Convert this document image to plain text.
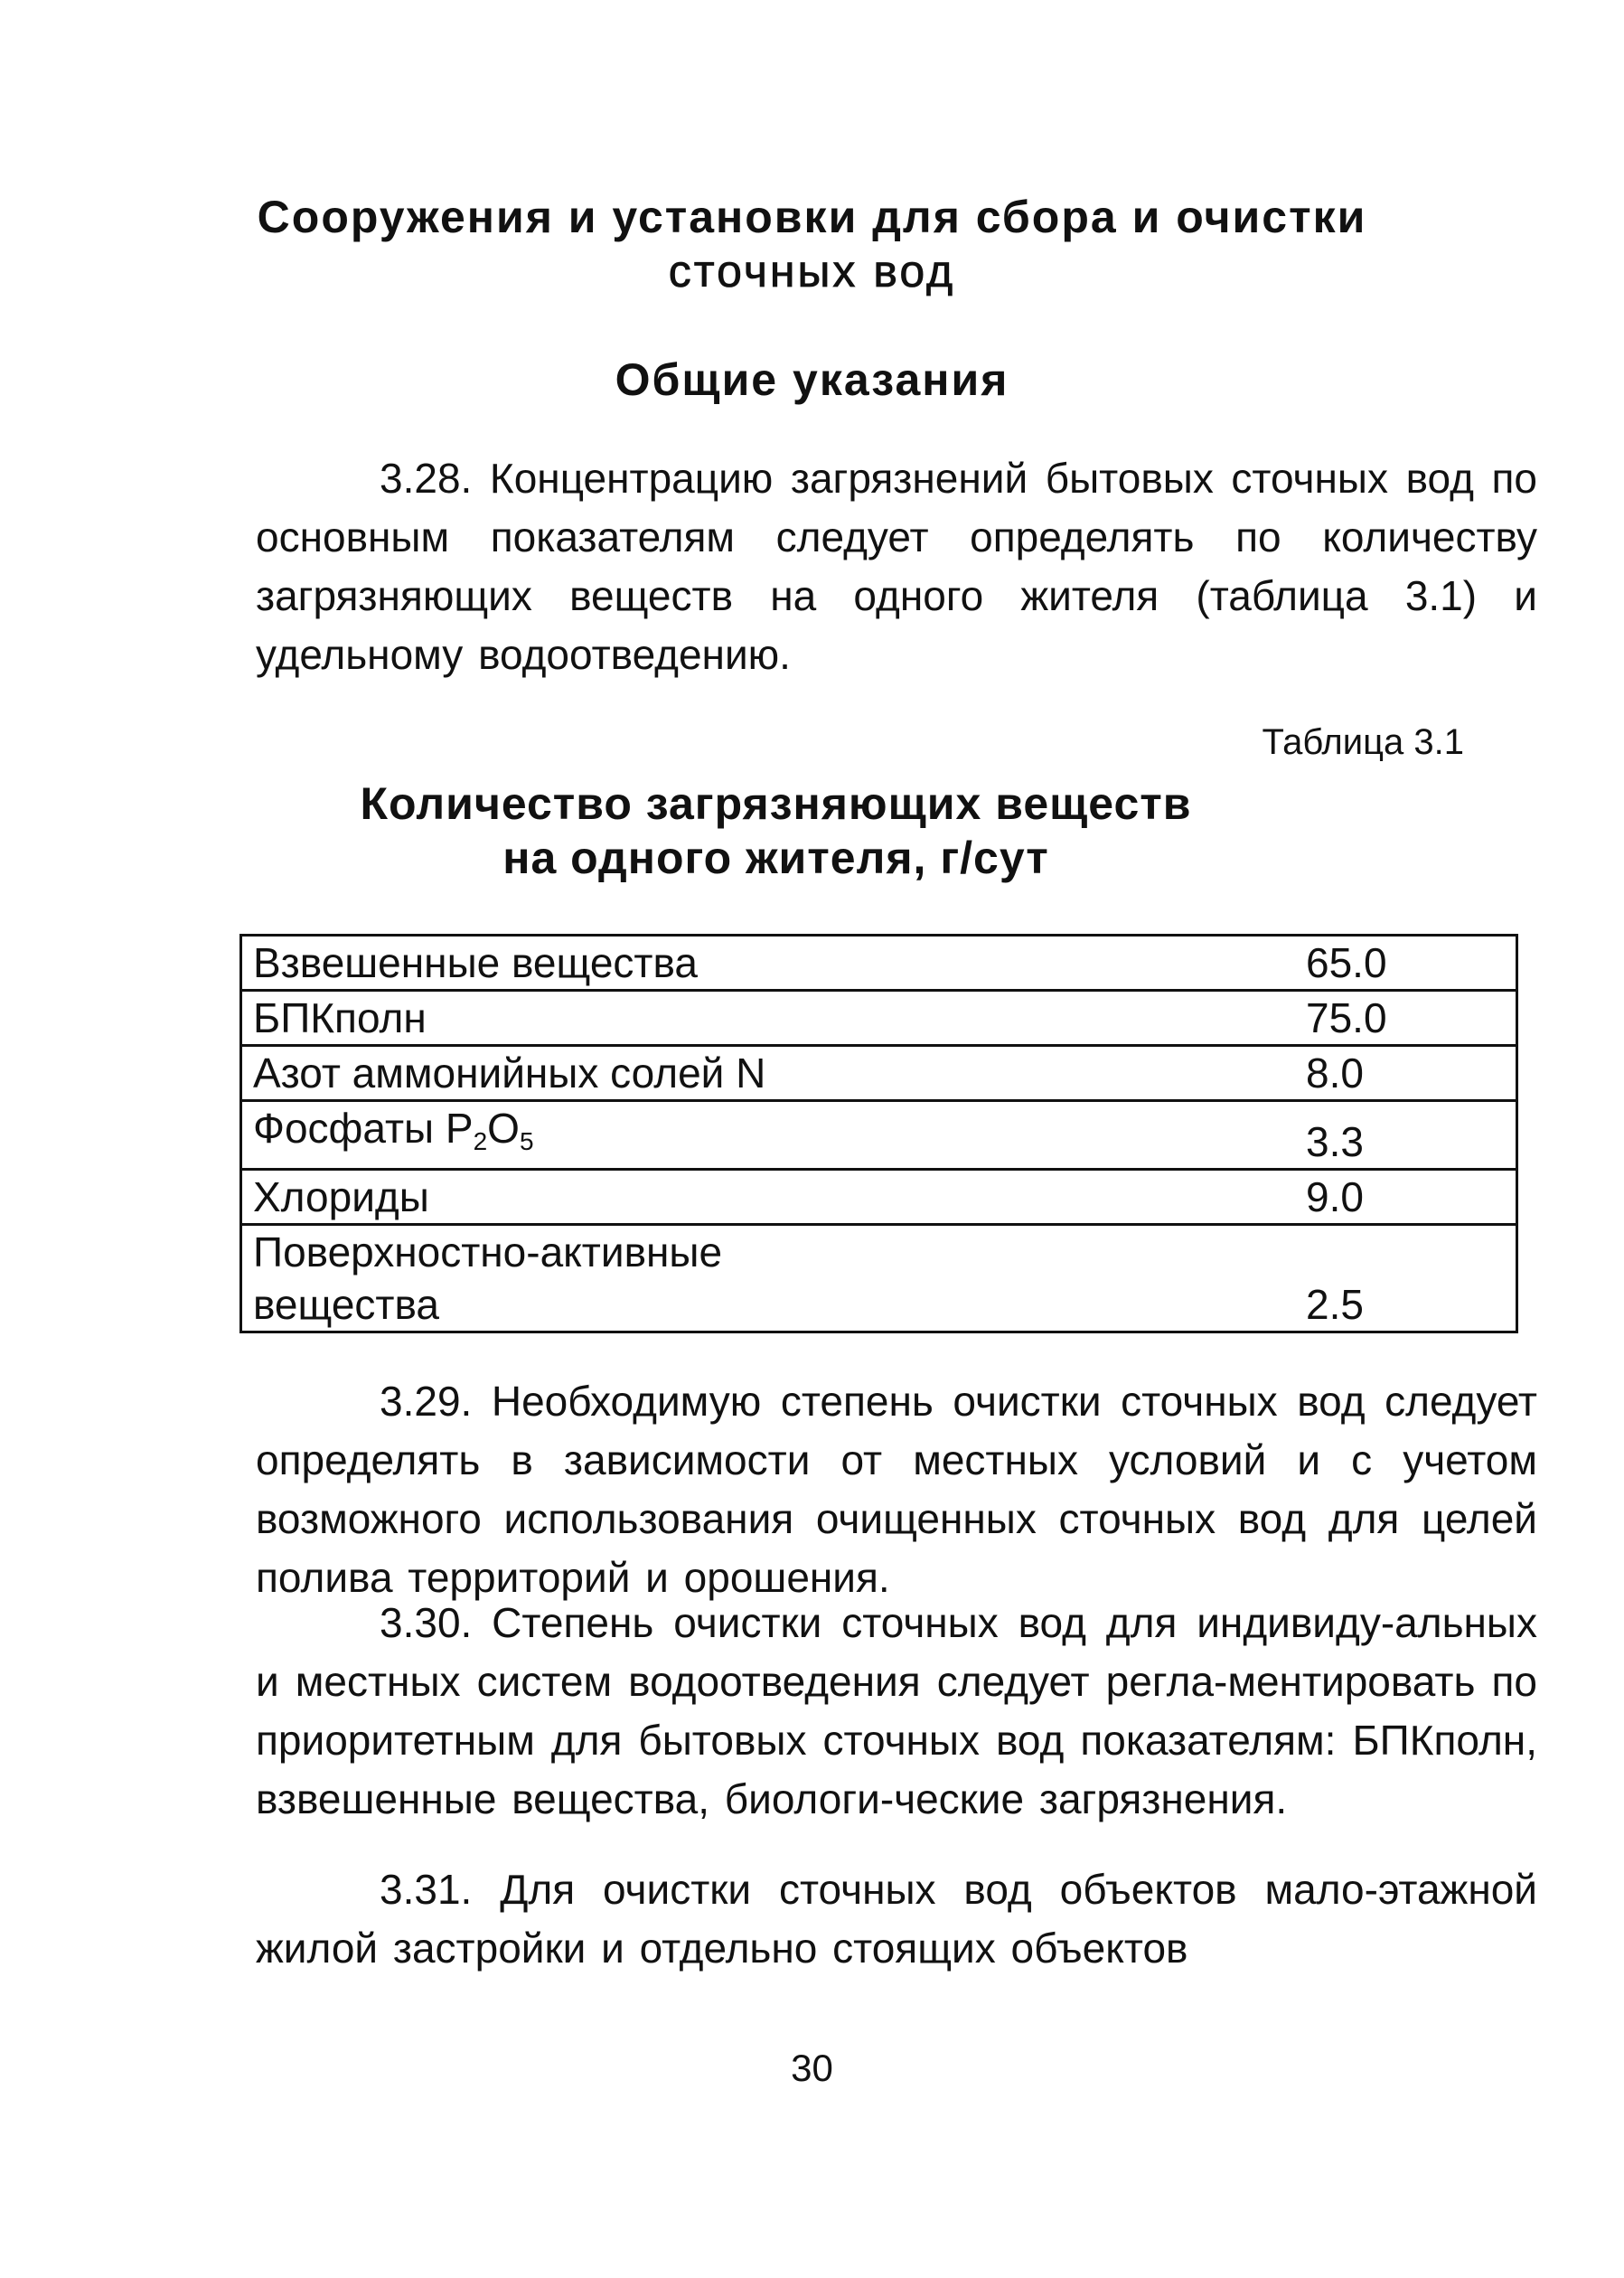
Сооружения и установки для сбора и очистки
сточных вод
Общие указания
3.28. Концентрацию загрязнений бытовых сточных вод по основным показателям следует определять по количеству загрязняющих веществ на одного жителя (таблица 3.1) и удельному водоотведению.
Таблица 3.1
Количество загрязняющих веществ
на одного жителя, г/сут
Взвешенные вещества	65.0
БПКполн	75.0
Азот аммонийных солей N	8.0
Фосфаты $P_2O_5$	3.3
Хлориды	9.0

Поверхностно-активные
вещества	2.5
3.29. Необходимую степень очистки сточных вод следует определять в зависимости от местных условий и с учетом возможного использования очищенных сточных вод для целей полива территорий и орошения.
3.30. Степень очистки сточных вод для индивиду-альных и местных систем водоотведения следует регла-ментировать по приоритетным для бытовых сточных вод показателям: БПКполн, взвешенные вещества, биологи-ческие загрязнения.
3.31. Для очистки сточных вод объектов мало-этажной жилой застройки и отдельно стоящих объектов
30
